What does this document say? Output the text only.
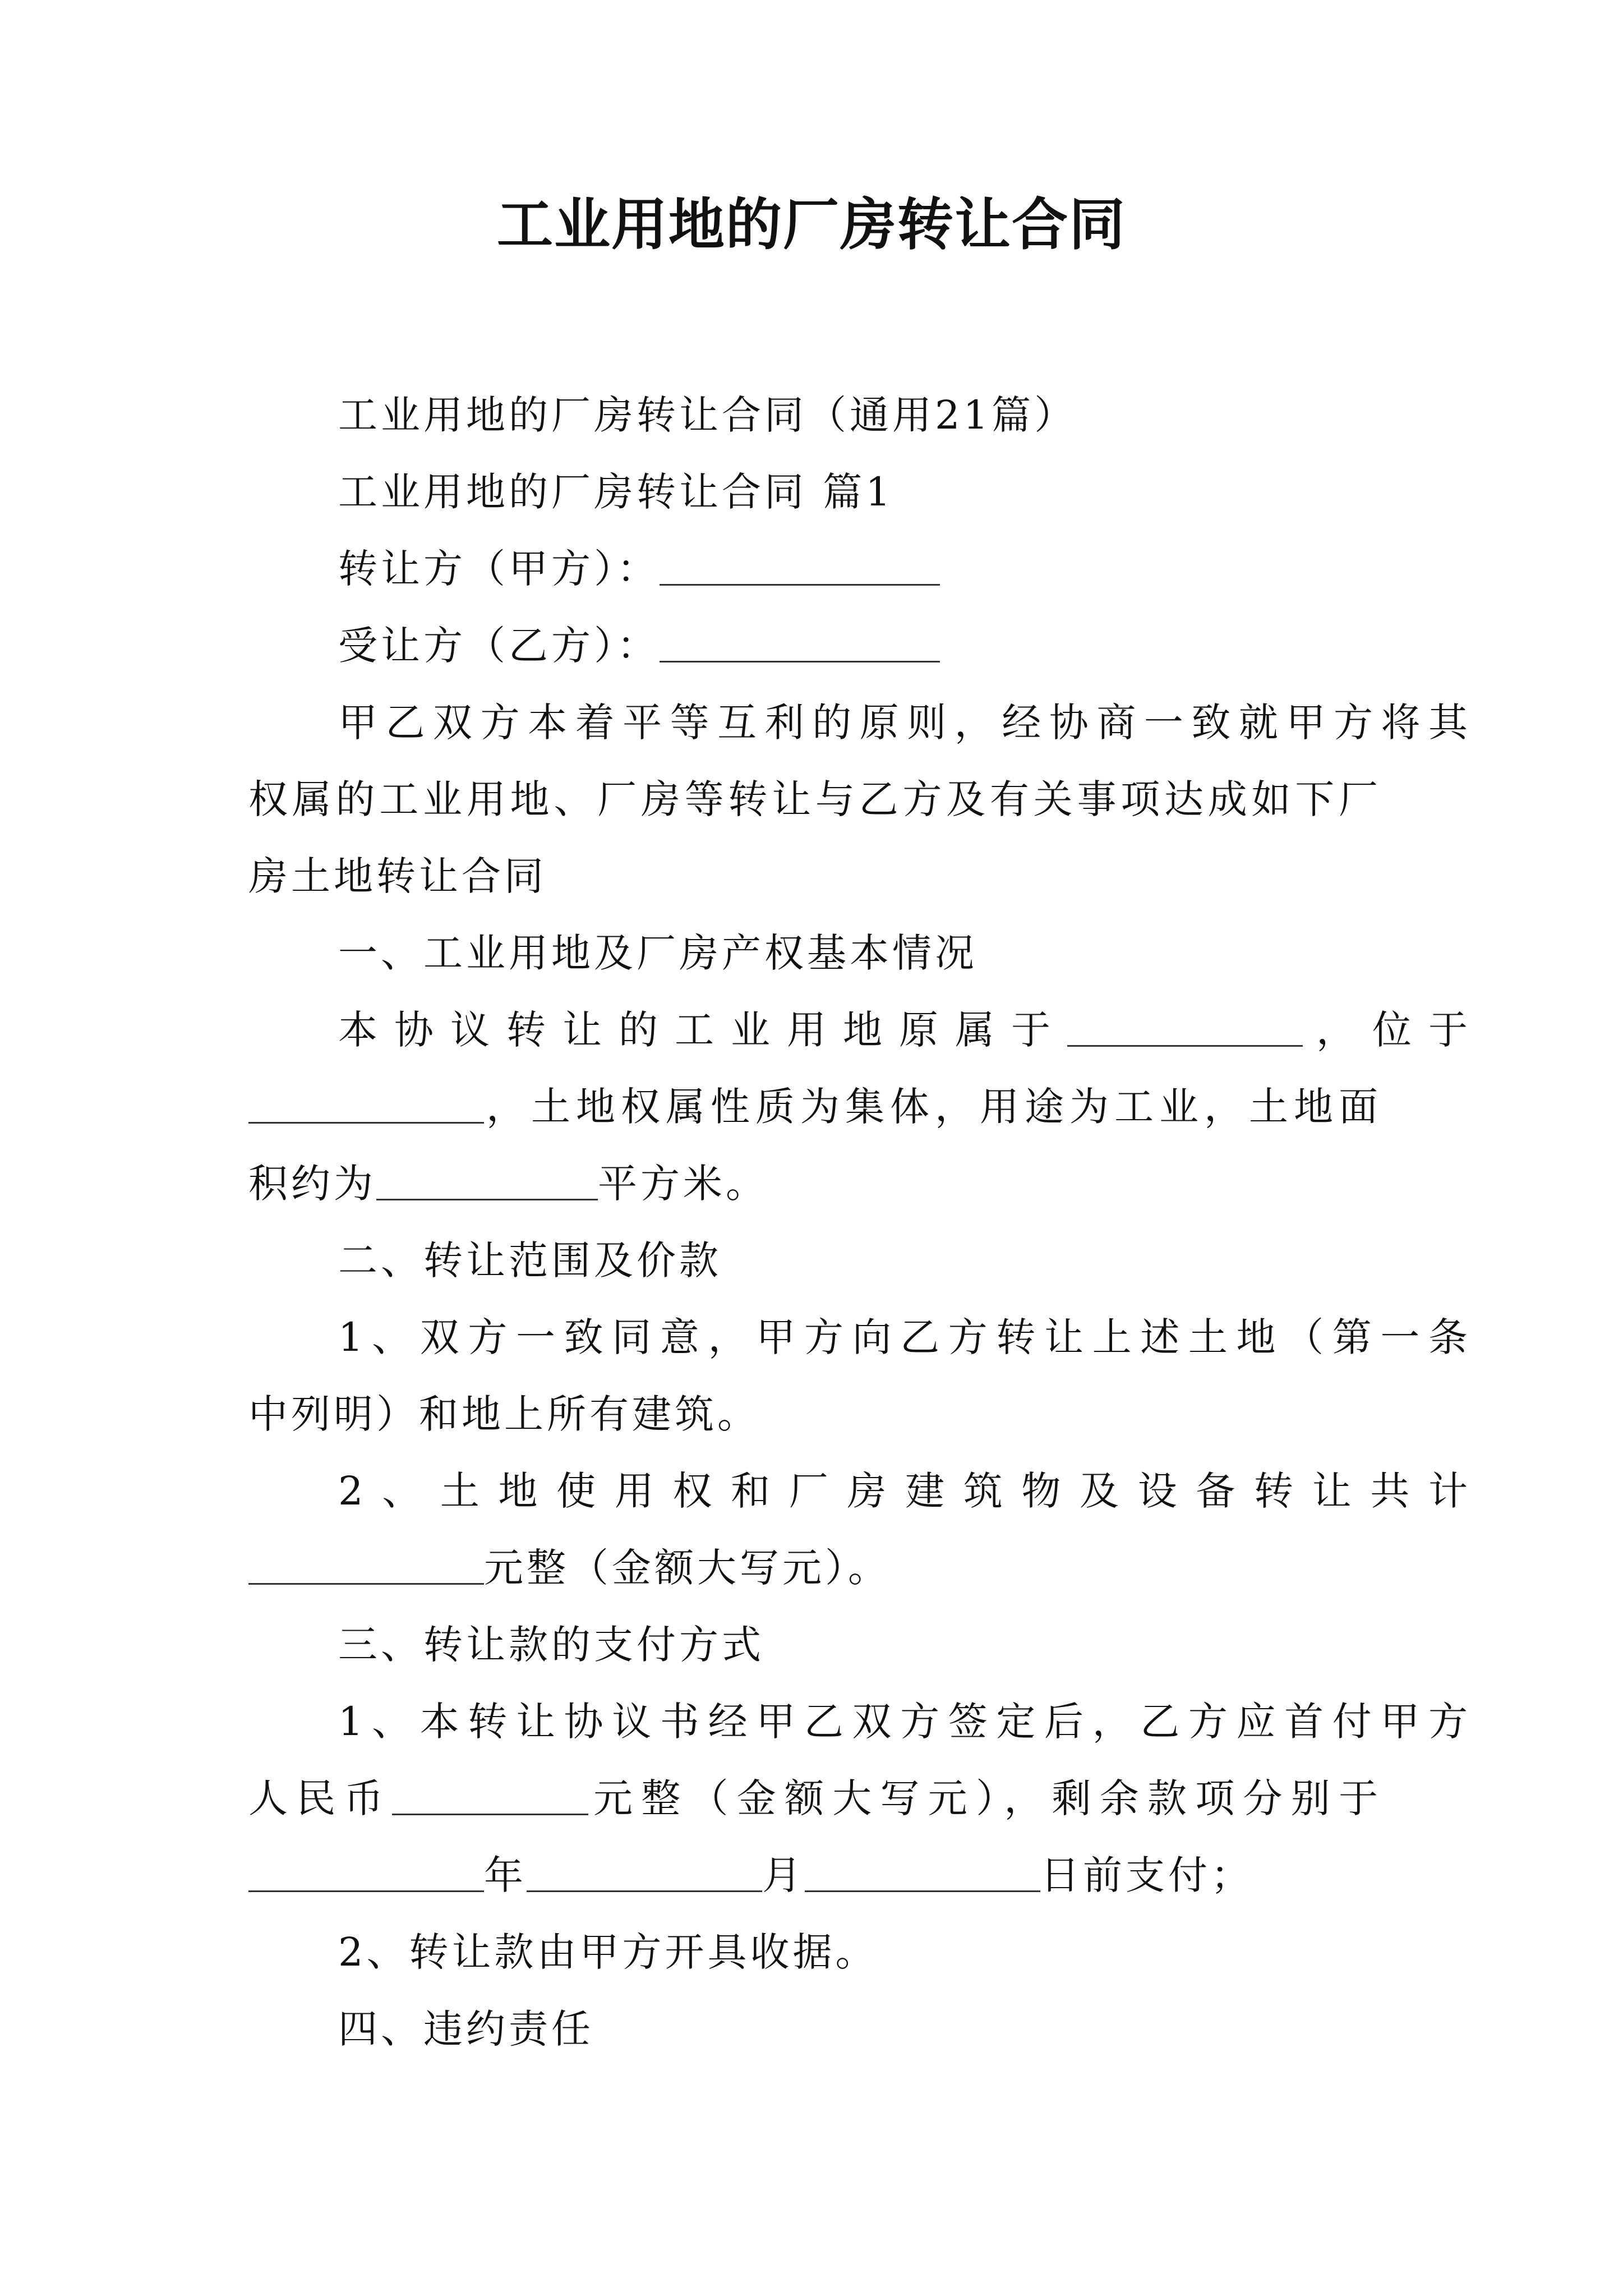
工业用地的厂房转让合同
工业用地的厂房转让合同（通用21篇）
工业用地的厂房转让合同 篇1
转让方（甲方）：
受让方（乙方）：
甲乙双方本着平等互利的原则，经协商一致就甲方将其
权属的工业用地、厂房等转让与乙方及有关事项达成如下厂
房土地转让合同
一、工业用地及厂房产权基本情况
本协议转让的工业用地原属于	，位于
，土地权属性质为集体，用途为工业，土地面
积约为	平方米。
二、转让范围及价款
1、双方一致同意，甲方向乙方转让上述土地（第一条
中列明）和地上所有建筑。
2、土地使用权和厂房建筑物及设备转让共计
元整（金额大写元）。
三、转让款的支付方式
1、本转让协议书经甲乙双方签定后，乙方应首付甲方
人民币	元整（金额大写元），剩余款项分别于
年	月	日前支付；
2、转让款由甲方开具收据。
四、违约责任
